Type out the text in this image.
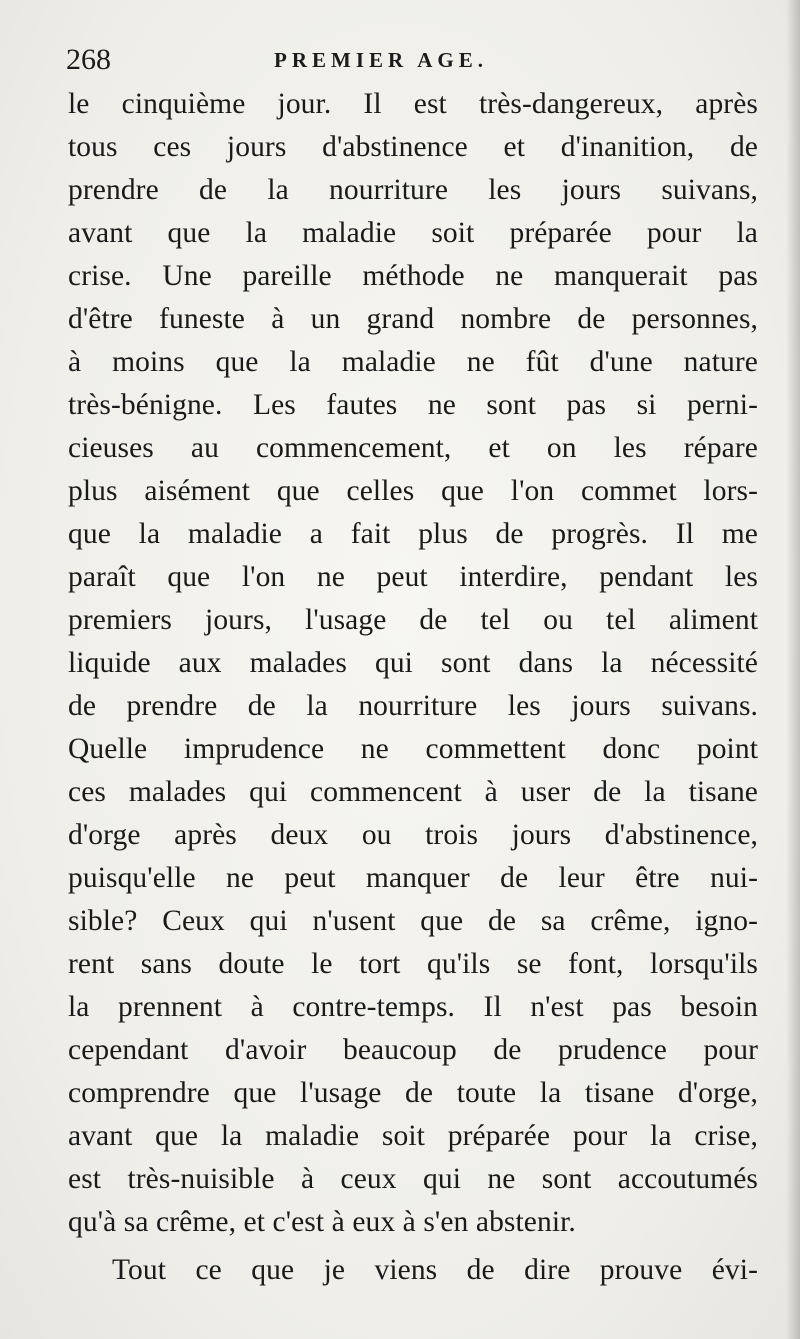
268	PREMIER AGE.
le cinquième jour. Il est très-dangereux, après
tous ces jours d'abstinence et d'inanition, de
prendre de la nourriture les jours suivans,
avant que la maladie soit préparée pour la
crise. Une pareille méthode ne manquerait pas
d'être funeste à un grand nombre de personnes,
à moins que la maladie ne fût d'une nature
très-bénigne. Les fautes ne sont pas si perni-
cieuses au commencement, et on les répare
plus aisément que celles que l'on commet lors-
que la maladie a fait plus de progrès. Il me
paraît que l'on ne peut interdire, pendant les
premiers jours, l'usage de tel ou tel aliment
liquide aux malades qui sont dans la nécessité
de prendre de la nourriture les jours suivans.
Quelle imprudence ne commettent donc point
ces malades qui commencent à user de la tisane
d'orge après deux ou trois jours d'abstinence,
puisqu'elle ne peut manquer de leur être nui-
sible? Ceux qui n'usent que de sa crême, igno-
rent sans doute le tort qu'ils se font, lorsqu'ils
la prennent à contre-temps. Il n'est pas besoin
cependant d'avoir beaucoup de prudence pour
comprendre que l'usage de toute la tisane d'orge,
avant que la maladie soit préparée pour la crise,
est très-nuisible à ceux qui ne sont accoutumés
qu'à sa crême, et c'est à eux à s'en abstenir.
Tout ce que je viens de dire prouve évi-
